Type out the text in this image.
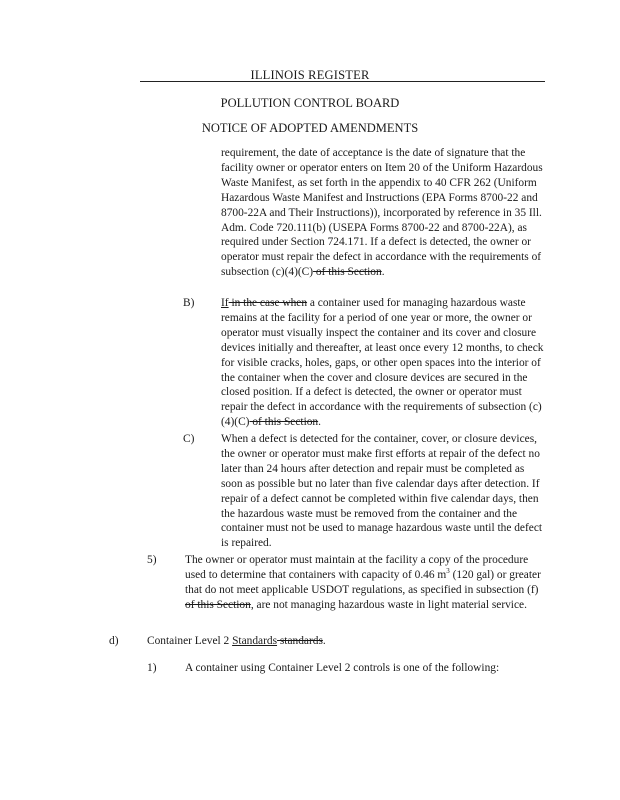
ILLINOIS REGISTER
POLLUTION CONTROL BOARD
NOTICE OF ADOPTED AMENDMENTS

requirement, the date of acceptance is the date of signature that the facility owner or operator enters on Item 20 of the Uniform Hazardous Waste Manifest, as set forth in the appendix to 40 CFR 262 (Uniform Hazardous Waste Manifest and Instructions (EPA Forms 8700-22 and 8700-22A and Their Instructions)), incorporated by reference in 35 Ill. Adm. Code 720.111(b) (USEPA Forms 8700-22 and 8700-22A), as required under Section 724.171. If a defect is detected, the owner or operator must repair the defect in accordance with the requirements of subsection (c)(4)(C) of this Section.

B) If in the case when a container used for managing hazardous waste remains at the facility for a period of one year or more, the owner or operator must visually inspect the container and its cover and closure devices initially and thereafter, at least once every 12 months, to check for visible cracks, holes, gaps, or other open spaces into the interior of the container when the cover and closure devices are secured in the closed position. If a defect is detected, the owner or operator must repair the defect in accordance with the requirements of subsection (c)(4)(C) of this Section.

C) When a defect is detected for the container, cover, or closure devices, the owner or operator must make first efforts at repair of the defect no later than 24 hours after detection and repair must be completed as soon as possible but no later than five calendar days after detection. If repair of a defect cannot be completed within five calendar days, then the hazardous waste must be removed from the container and the container must not be used to manage hazardous waste until the defect is repaired.

5)	The owner or operator must maintain at the facility a copy of the procedure used to determine that containers with capacity of 0.46 $m^3$ (120 gal) or greater that do not meet applicable USDOT regulations, as specified in subsection (f) of this Section, are not managing hazardous waste in light material service.

d)	Container Level 2 Standards standards.

1)	A container using Container Level 2 controls is one of the following:
